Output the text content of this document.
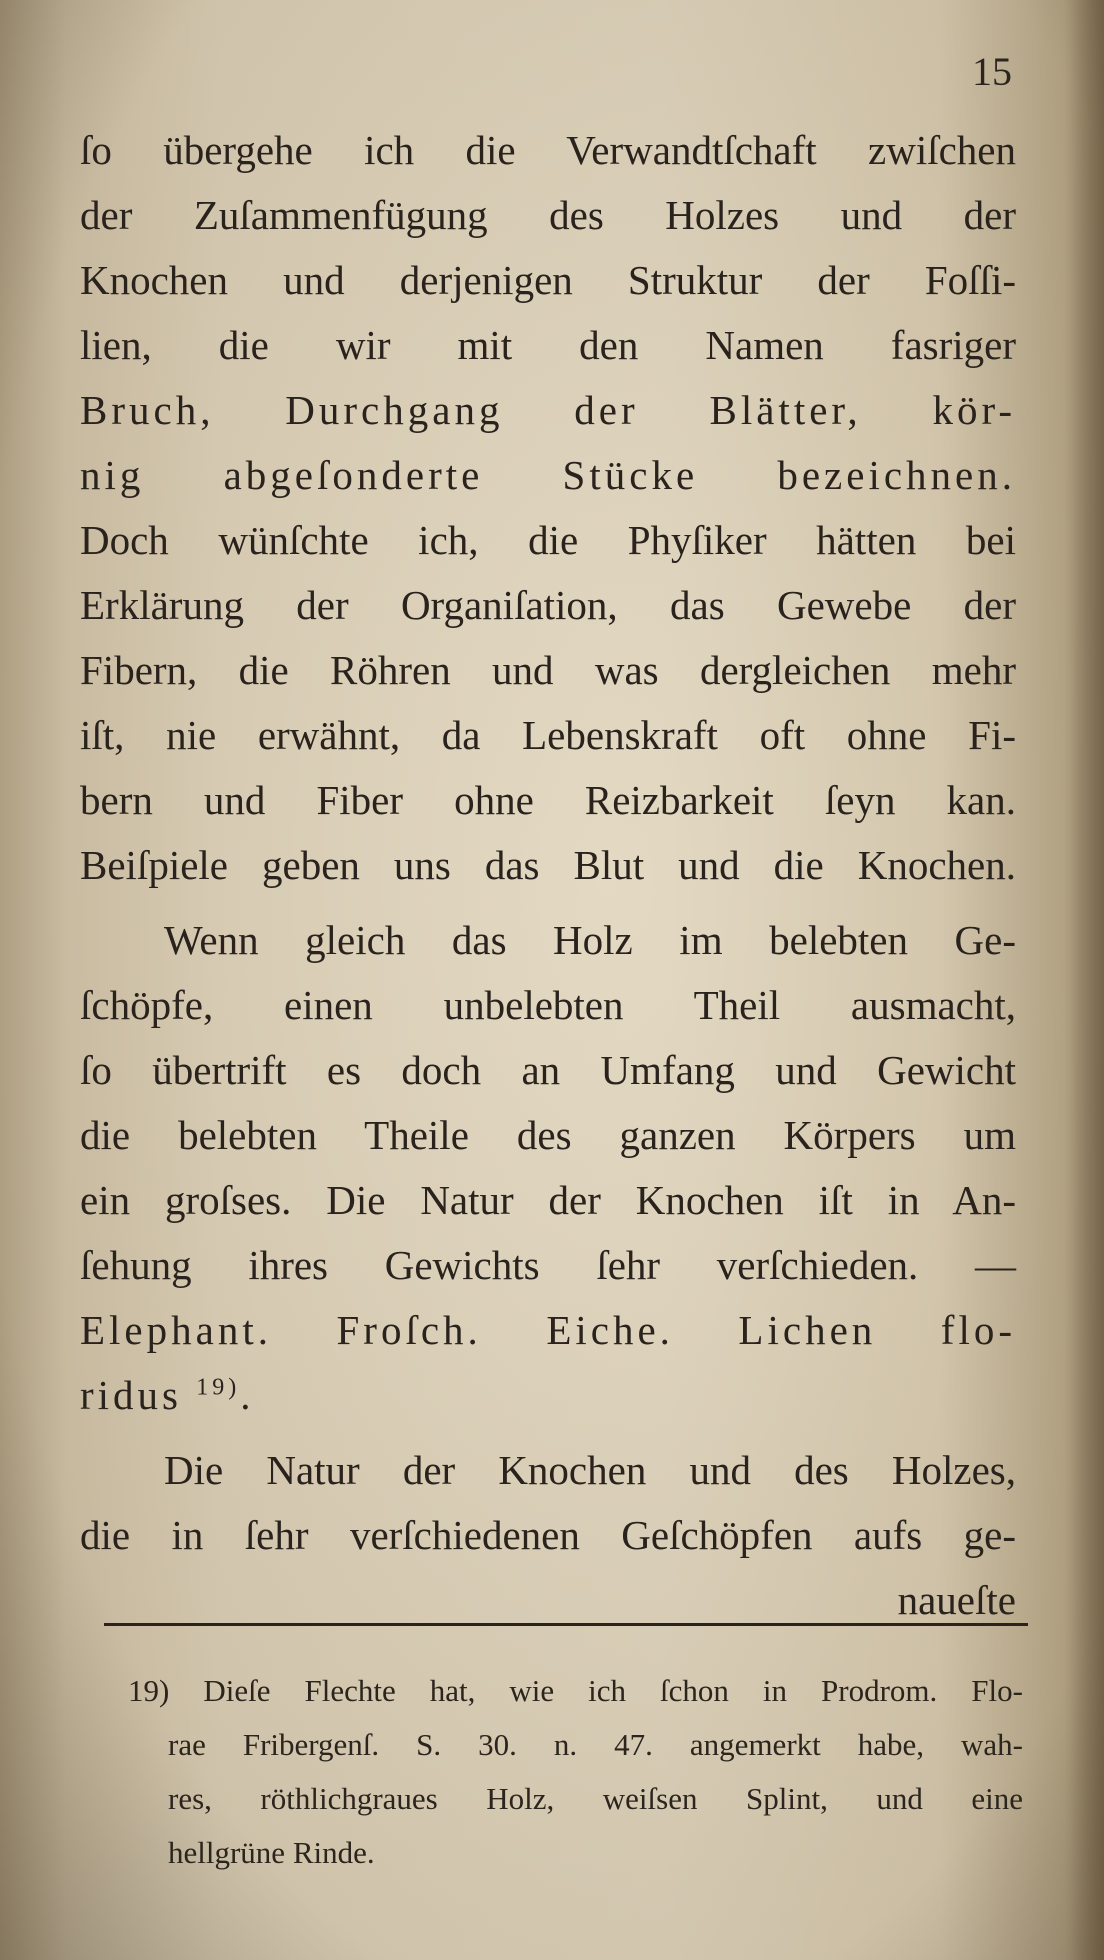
15
ſo übergehe ich die Verwandtſchaft zwiſchen
der Zuſammenfügung des Holzes und der
Knochen und derjenigen Struktur der Foſſi-
lien, die wir mit den Namen fasriger
Bruch, Durchgang der Blätter, kör-
nig abgeſonderte Stücke bezeichnen.
Doch wünſchte ich, die Phyſiker hätten bei
Erklärung der Organiſation, das Gewebe der
Fibern, die Röhren und was dergleichen mehr
iſt, nie erwähnt, da Lebenskraft oft ohne Fi-
bern und Fiber ohne Reizbarkeit ſeyn kan.
Beiſpiele geben uns das Blut und die Knochen.
Wenn gleich das Holz im belebten Ge-
ſchöpfe, einen unbelebten Theil ausmacht,
ſo übertrift es doch an Umfang und Gewicht
die belebten Theile des ganzen Körpers um
ein groſses. Die Natur der Knochen iſt in An-
ſehung ihres Gewichts ſehr verſchieden. —
Elephant. Froſch. Eiche. Lichen flo-
ridus $^{19)}$.
Die Natur der Knochen und des Holzes,
die in ſehr verſchiedenen Geſchöpfen aufs ge-
naueſte
19) Dieſe Flechte hat, wie ich ſchon in Prodrom. Flo-
rae Fribergenſ. S. 30. n. 47. angemerkt habe, wah-
res, röthlichgraues Holz, weiſsen Splint, und eine
hellgrüne Rinde.
